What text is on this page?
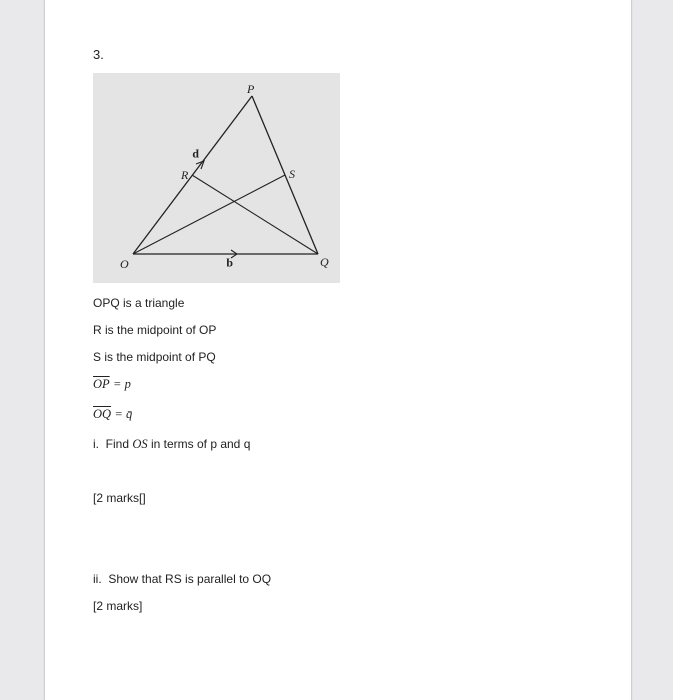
3.
P
R	S
O	Q
p
q
OPQ is a triangle
R is the midpoint of OP
S is the midpoint of PQ
$\overline{OP} = p$
$\overline{OQ}$ = q̄
i.  Find OS in terms of p and q
[2 marks[]
ii.  Show that RS is parallel to OQ
[2 marks]
